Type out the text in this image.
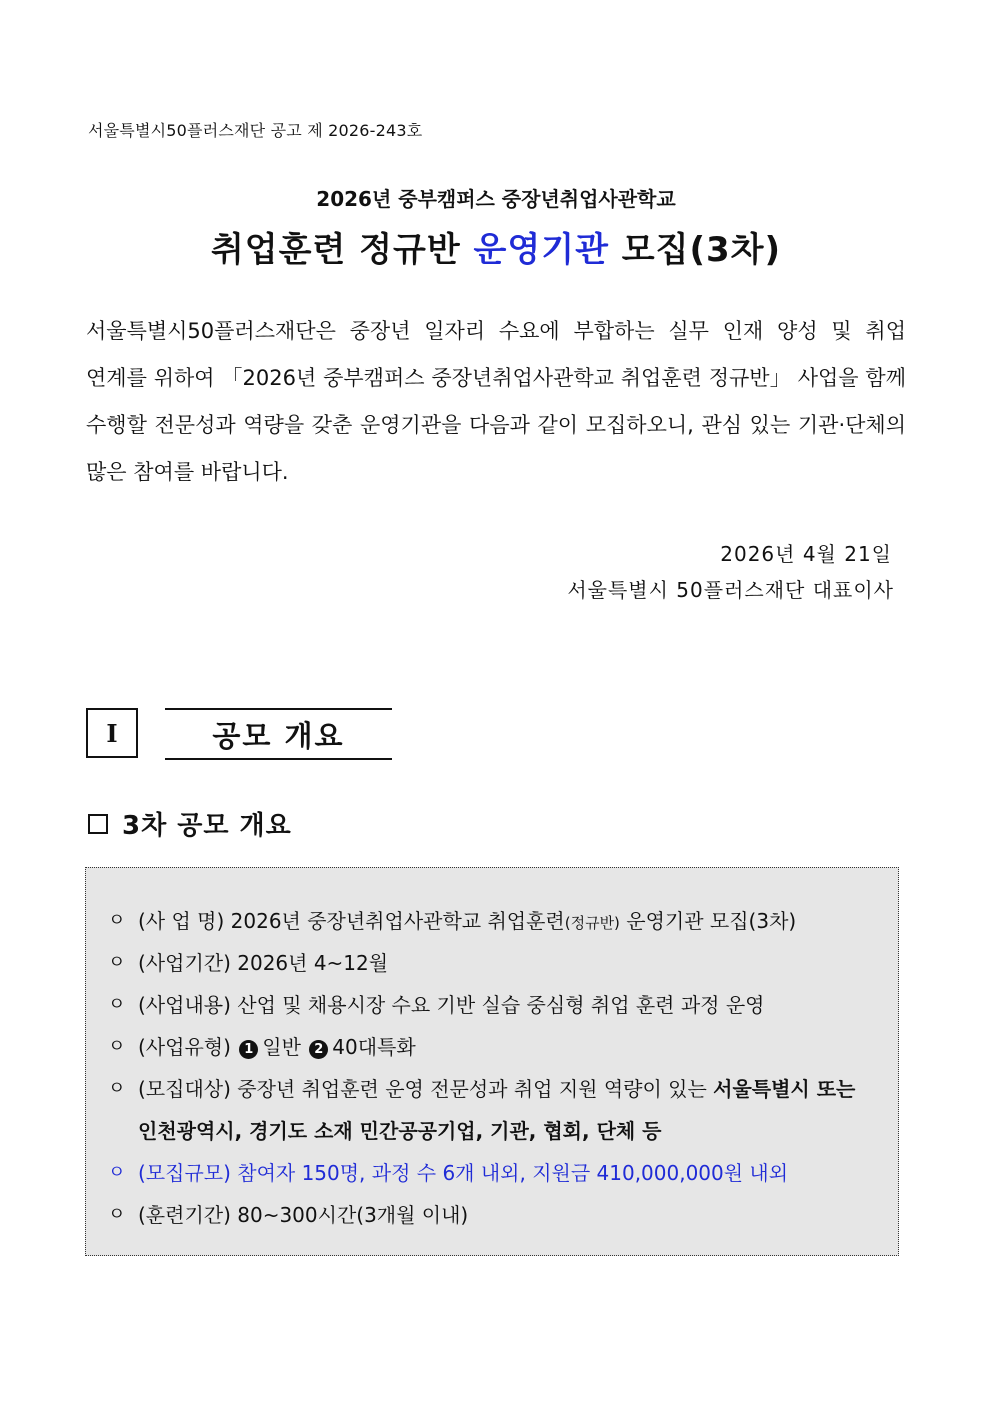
서울특별시50플러스재단 공고 제 2026-243호
2026년 중부캠퍼스 중장년취업사관학교
취업훈련 정규반 운영기관 모집(3차)
서울특별시50플러스재단은 중장년 일자리 수요에 부합하는 실무 인재 양성 및 취업 연계를 위하여 「2026년 중부캠퍼스 중장년취업사관학교 취업훈련 정규반」 사업을 함께 수행할 전문성과 역량을 갖춘 운영기관을 다음과 같이 모집하오니, 관심 있는 기관·단체의 많은 참여를 바랍니다.
2026년 4월 21일
서울특별시 50플러스재단 대표이사
I	공모 개요
3차 공모 개요
ㅇ (사 업 명) 2026년 중장년취업사관학교 취업훈련(정규반) 운영기관 모집(3차)
ㅇ (사업기간) 2026년 4~12월
ㅇ (사업내용) 산업 및 채용시장 수요 기반 실습 중심형 취업 훈련 과정 운영
ㅇ (사업유형) 1 일반 2 40대특화
ㅇ (모집대상) 중장년 취업훈련 운영 전문성과 취업 지원 역량이 있는 서울특별시 또는 인천광역시, 경기도 소재 민간공공기업, 기관, 협회, 단체 등
ㅇ (모집규모) 참여자 150명, 과정 수 6개 내외, 지원금 410,000,000원 내외
ㅇ (훈련기간) 80~300시간(3개월 이내)
